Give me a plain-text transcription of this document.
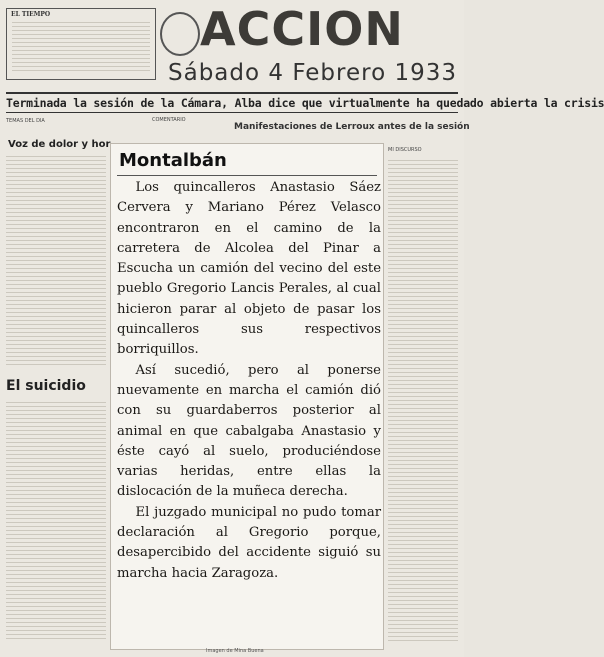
EL TIEMPO	ACCION
Sábado 4 Febrero 1933
Terminada la sesión de la Cámara, Alba dice que virtualmente ha quedado abierta la crisis
TEMAS DEL DIA	COMENTARIO
Manifestaciones de Lerroux antes de la sesión
Voz de dolor y hor
El suicidio
MI DISCURSO
Montalbán

Los quincalleros Anastasio Sáez Cervera y Mariano Pérez Velasco encontraron en el camino de la carretera de Alcolea del Pinar a Escucha un camión del vecino del este pueblo Gregorio Lancis Perales, al cual hicieron parar al objeto de pasar los quincalleros sus respectivos borriquillos.

Así sucedió, pero al ponerse nuevamente en marcha el camión dió con su guardaberros posterior al animal en que cabalgaba Anastasio y éste cayó al suelo, produciéndose varias heridas, entre ellas la dislocación de la muñeca derecha.

El juzgado municipal no pudo tomar declaración al Gregorio porque, desapercibido del accidente siguió su marcha hacia Zaragoza.

Imagen de Mina Buena
